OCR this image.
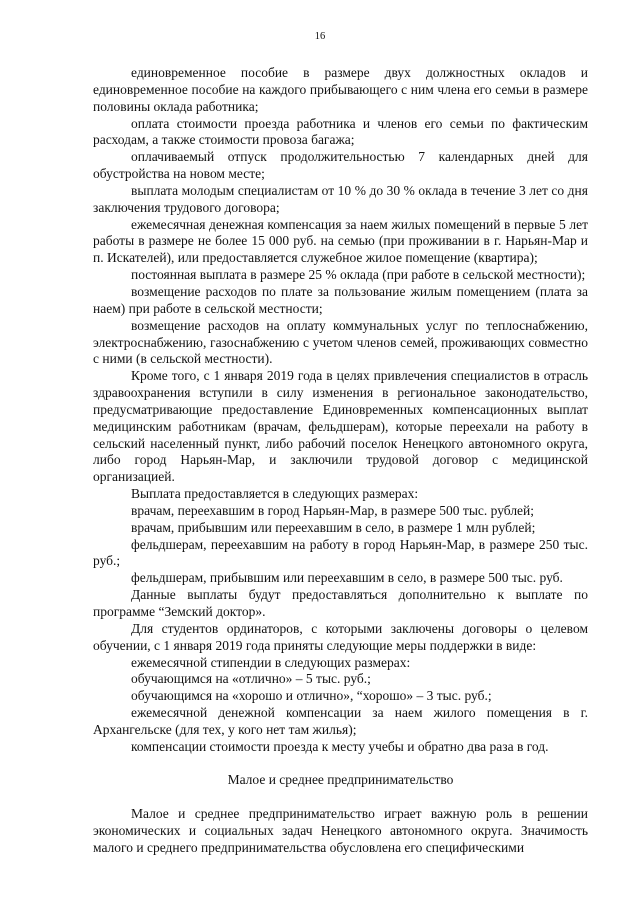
16

единовременное пособие в размере двух должностных окладов и единовременное пособие на каждого прибывающего с ним члена его семьи в размере половины оклада работника;

оплата стоимости проезда работника и членов его семьи по фактическим расходам, а также стоимости провоза багажа;

оплачиваемый отпуск продолжительностью 7 календарных дней для обустройства на новом месте;

выплата молодым специалистам от 10 % до 30 % оклада в течение 3 лет со дня заключения трудового договора;

ежемесячная денежная компенсация за наем жилых помещений в первые 5 лет работы в размере не более 15 000 руб. на семью (при проживании в г. Нарьян-Мар и п. Искателей), или предоставляется служебное жилое помещение (квартира);

постоянная выплата в размере 25 % оклада (при работе в сельской местности);

возмещение расходов по плате за пользование жилым помещением (плата за наем) при работе в сельской местности;

возмещение расходов на оплату коммунальных услуг по теплоснабжению, электроснабжению, газоснабжению с учетом членов семей, проживающих совместно с ними (в сельской местности).

Кроме того, с 1 января 2019 года в целях привлечения специалистов в отрасль здравоохранения вступили в силу изменения в региональное законодательство, предусматривающие предоставление Единовременных компенсационных выплат медицинским работникам (врачам, фельдшерам), которые переехали на работу в сельский населенный пункт, либо рабочий поселок Ненецкого автономного округа, либо город Нарьян-Мар, и заключили трудовой договор с медицинской организацией.

Выплата предоставляется в следующих размерах:

врачам, переехавшим в город Нарьян-Мар, в размере 500 тыс. рублей;

врачам, прибывшим или переехавшим в село, в размере 1 млн рублей;

фельдшерам, переехавшим на работу в город Нарьян-Мар, в размере 250 тыс. руб.;

фельдшерам, прибывшим или переехавшим в село, в размере 500 тыс. руб.

Данные выплаты будут предоставляться дополнительно к выплате по программе “Земский доктор».

Для студентов ординаторов, с которыми заключены договоры о целевом обучении, с 1 января 2019 года приняты следующие меры поддержки в виде:

ежемесячной стипендии в следующих размерах:

обучающимся на «отлично» – 5 тыс. руб.;

обучающимся на «хорошо и отлично», “хорошо» – 3 тыс. руб.;

ежемесячной денежной компенсации за наем жилого помещения в г. Архангельске (для тех, у кого нет там жилья);

компенсации стоимости проезда к месту учебы и обратно два раза в год.

Малое и среднее предпринимательство

Малое и среднее предпринимательство играет важную роль в решении экономических и социальных задач Ненецкого автономного округа. Значимость малого и среднего предпринимательства обусловлена его специфическими
